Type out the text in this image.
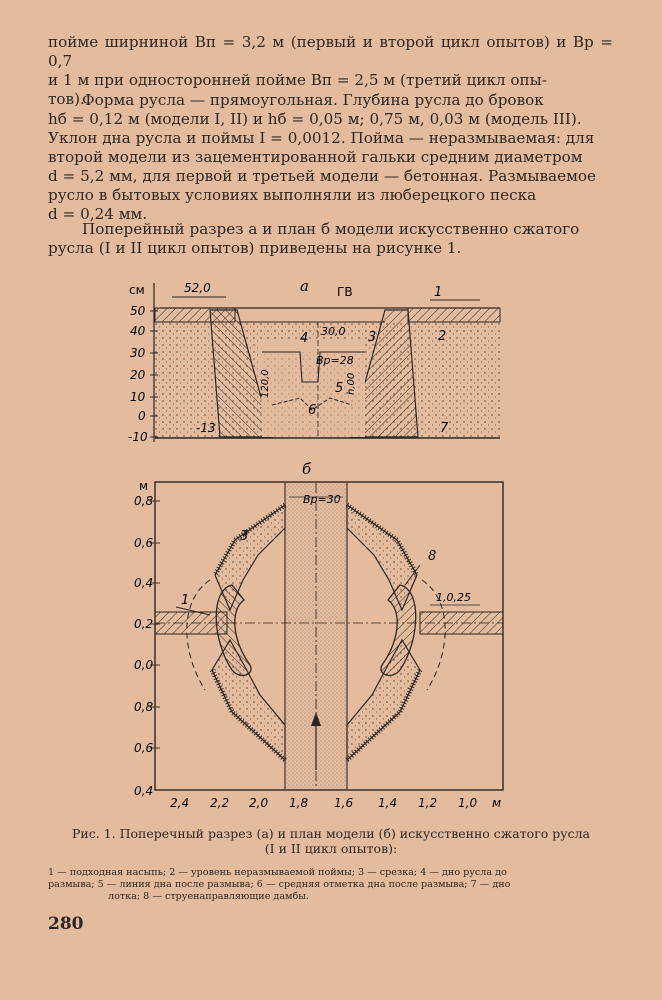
пойме ширниной Bп = 3,2 м (первый и второй цикл опытов) и Bр = 0,7
и 1 м при односторонней пойме Bп = 2,5 м (третий цикл опы-
тов).
Форма русла — прямоугольная. Глубина русла до бровок
hб = 0,12 м (модели I, II) и hб = 0,05 м; 0,75 м, 0,03 м (модель III).
Уклон дна русла и поймы I = 0,0012. Пойма — неразмываемая: для
второй модели из зацементированной гальки средним диаметром
d = 5,2 мм, для первой и третьей модели — бетонная. Размываемое
русло в бытовых условиях выполняли из люберецкого песка
d = 0,24 мм.
Поперейный разрез а и план б модели искусственно сжатого
русла (I и II цикл опытов) приведены на рисунке 1.
а
см
50
40
30
20
10
0
-10
52,0	ГВ
-13
30,0
Bр=28
120,0	h,00
1
2
3
4
5
6
7
б
м
0,8
0,6
0,4
0,2
0,0
0,8
0,6
0,4
Bр=30
1
3
8
1,0,25
2,4 2,2 2,0 1,8 1,6 1,4 1,2 1,0 м
Рис. 1. Поперечный разрез (а) и план модели (б) искусственно сжатого русла
(I и II цикл опытов):
1 — подходная насыпь; 2 — уровень неразмываемой поймы; 3 — срезка; 4 — дно русла до
размыва; 5 — линия дна после размыва; 6 — средняя отметка дна после размыва; 7 — дно
лотка; 8 — струенаправляющие дамбы.
280
